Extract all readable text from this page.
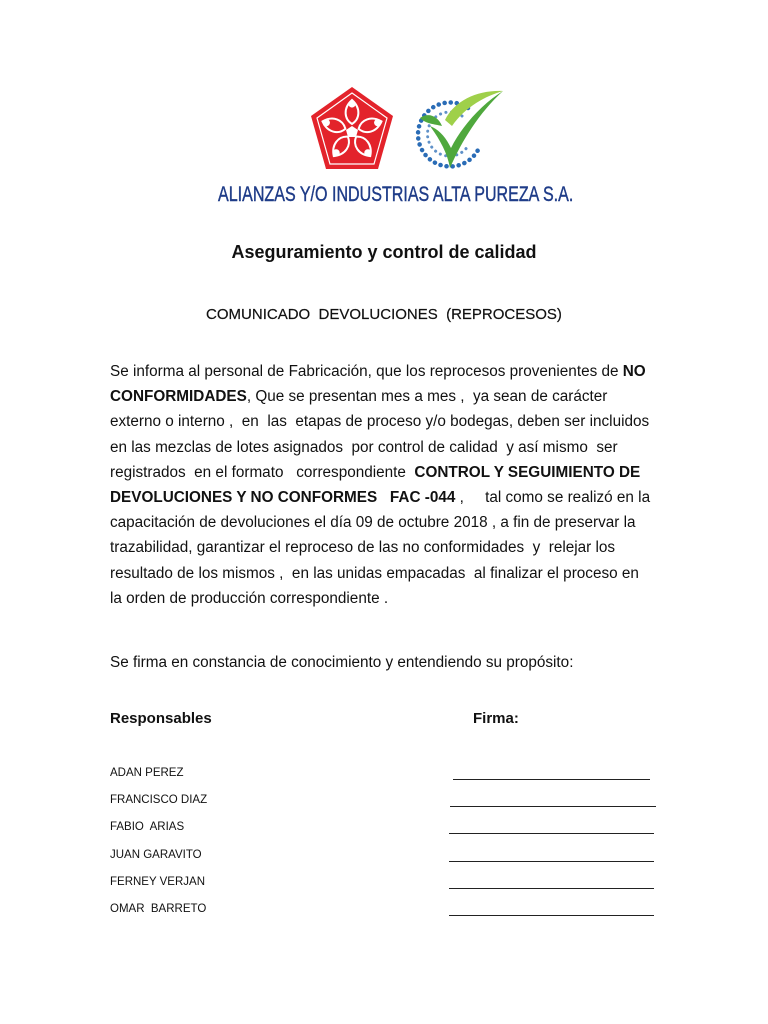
ALIANZAS Y/O INDUSTRIAS ALTA PUREZA S.A.
Aseguramiento y control de calidad
COMUNICADO  DEVOLUCIONES  (REPROCESOS)
Se informa al personal de Fabricación, que los reprocesos provenientes de NO
CONFORMIDADES, Que se presentan mes a mes ,  ya sean de carácter
externo o interno ,  en  las  etapas de proceso y/o bodegas, deben ser incluidos
en las mezclas de lotes asignados  por control de calidad  y así mismo  ser
registrados  en el formato   correspondiente  CONTROL Y SEGUIMIENTO DE
DEVOLUCIONES Y NO CONFORMES   FAC -044 ,     tal como se realizó en la
capacitación de devoluciones el día 09 de octubre 2018 , a fin de preservar la
trazabilidad, garantizar el reproceso de las no conformidades  y  relejar los
resultado de los mismos ,  en las unidas empacadas  al finalizar el proceso en
la orden de producción correspondiente .
Se firma en constancia de conocimiento y entendiendo su propósito:
Responsables	Firma:
ADAN PEREZ
FRANCISCO DIAZ
FABIO  ARIAS
JUAN GARAVITO
FERNEY VERJAN
OMAR  BARRETO
